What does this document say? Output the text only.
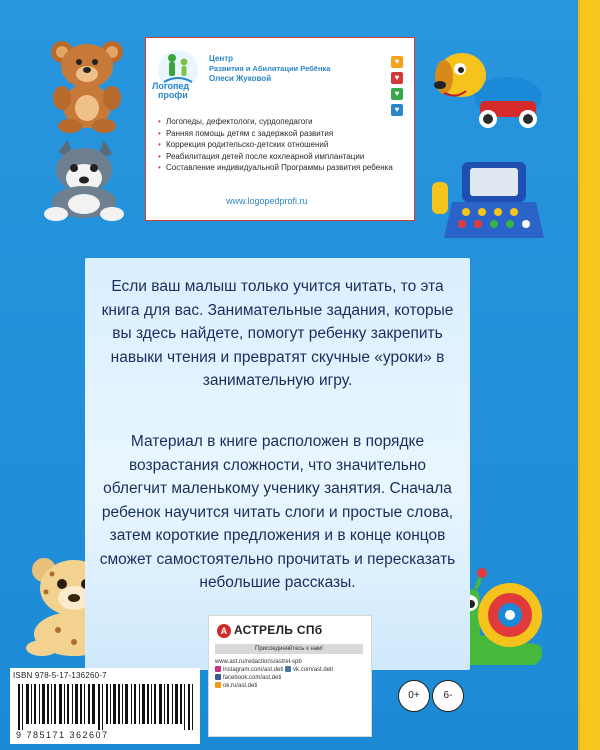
Логопед
профи
Центр
Развития и Абилитации Ребёнка
Олеси Жуковой
♥
♥
♥
♥
• Логопеды, дефектологи, сурдопедагоги
• Ранняя помощь детям с задержкой развития
• Коррекция родительско-детских отношений
• Реабилитация детей после кохлеарной имплантации
• Составление индивидуальной Программы развития ребенка
www.logopedprofi.ru
Если ваш малыш только учится читать, то эта книга для вас. Занимательные задания, которые вы здесь найдете, помогут ребенку закрепить навыки чтения и превратят скучные «уроки» в занимательную игру.
Материал в книге расположен в порядке возрастания сложности, что значительно облегчит маленькому ученику занятия. Сначала ребенок научится читать слоги и простые слова, затем короткие предложения и в конце концов сможет самостоятельно прочитать и пересказать небольшие рассказы.
A АСТРЕЛЬ СПб
Присоединяйтесь к нам!
www.ast.ru/redactions/astrel-spb
instagram.com/ast.deti vk.com/ast.deti
facebook.com/ast.deti
ok.ru/ast.deti
ISBN 978-5-17-136260-7
9 785171 362607
0+	6-
